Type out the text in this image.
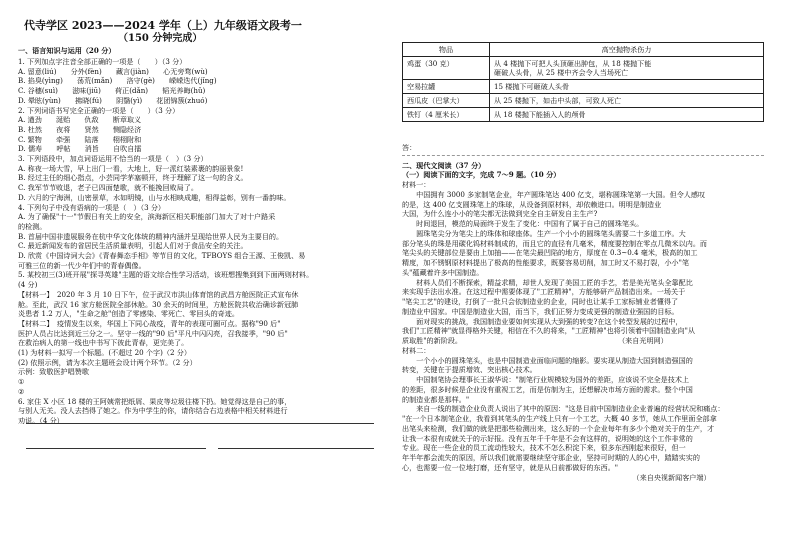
代寺学区 2023——2024 学年（上）九年级语文段考一
（150 分钟完成）
一、语言知识与运用（20 分）
1. 下列加点字注音全部正确的一项是（　　）（3 分）
A. 留意(liú)　　分外(fèn)　　藏言(jiàn)　　心无旁骛(wù)
B. 掐臭(yìng)　　荡荒(mǎn)　　洛守(gè)　　嵘嵘迭代(jǐng)
C. 谷穗(suì)　　滋味(jiū)　　荷正(dǎn)　　韬光养晦(hǔ)
D. 晕眩(yùn)　　拂晓(fú)　　阴翳(yì)　　花团锦簇(zhuó)
2. 下列词语书写完全正确的一项是（　　）（3 分）
A. 遒劲　　涎贻　　仇敌　　断章取义
B. 杜然　　夜将　　贤然　　恻隐经济
C. 繁物　　牵强　　陆落　　栩栩附和
D. 儒寿　　呼帖　　消旨　　自吹自擂
3. 下列语段中，加点词语运用不恰当的一项是（　）（3 分）
A. 称夜一场大雪，早上出门一看，大地上，好一派红装素裹的韵丽景象!
B. 经过主任的细心指点，小芸同学茅塞顿开，终于理解了这一句的含义。
C. 我军节节败退，老子已四面楚歌，就不能挽回败局了。
D. 六月的宁海洲，山密景草，水如明镜，山与水相映成趣，相得益彰，别有一番韵味。
4. 下列句子中没有语病的一项是（　）（3 分）
A. 为了确保"十一"节假日有关上的安全，滨海新区相关职能部门加大了对十户路采
的检测。
B. 首届中国非遗展服务在杭中华文化体统的精神内涵并呈现给世界人民为主要目的。
C. 最近新闻发布的省居民生活质量表明，引起人们对于食品安全的关注。
D. 欣赏《中国诗词大会》《青春舞态手相》等节目的文化，TFBOYS 组合王源、王俊凯、易
可雅三位的新一代少年们中的青春偶像。
5. 某校初三(3)班开展"探寻英雄"主题的语文综合性学习活动，该班想搜集到到下面两则材料。
(4 分)
【材料一】　2020 年 3 月 10 日下午，位于武汉市洪山体育馆的武昌方舱医院正式宣布休
舱。至此，武汉 16 家方舱医院全部休舱。30 余天的时间里，方舱医院共收治确诊新冠肺
炎患者 1.2 万人，"生命之舱"创造了零感染、零死亡、零回头的奇迹。
【材料二】　疫情发生以来，华国上下同心战疫，青年的表现可圈可点。据称"90 后"
医护人员占比达到近三分之一。坚守一线的"90 后"平凡中闪闪亮，召我接季，"90 后"
在救治病人的第一线也中书写下彼此青春，更完美了。
(1) 为材料一拟写一个标题。(不超过 20 个字)（2 分）
(2) 依照示例，请为本次主题班会设计两个环节。（2 分）
示例：致敬医护唱赞歌
①
②
6. 家住 X 小区 18 楼的王阿姨常把纸屑、果皮等垃圾往楼下扔。她觉得这是自己的事，
与别人无关。没人去挡得了她之。作为中学生的你，请你结合右边表格中相关材料进行
劝说。（4 分）
物品	高空抛物杀伤力
鸡蛋（30 克）	从 4 楼抛下可把人头顶砸出肿包，从 18 楼抛下能
砸破人头骨，从 25 楼中齐会令人当场死亡
空易拉罐	15 楼抛下可砸破人头骨
西瓜皮（巴掌大）	从 25 楼抛下，如击中头部，可致人死亡
铁钉（4 厘米长）	从 18 楼抛下能插入人的颅骨
答：
二、现代文阅读（37 分）
（一）阅读下面的文字，完成 7～9 题。（10 分）
材料一：
　　中国拥有 3000 多家制笔企业，年产圆珠笔达 400 亿支，堪称圆珠笔第一大国。但令人感叹
的是，这 400 亿支圆珠笔上的珠球，从设备到原材料，却依赖进口。明明是制造业
大国，为什么连小小的笔尖都无法做到完全自主研发自主生产?
　　时间退回，模范的局面终于发生了变化：中国有了属于自己的圆珠笔头。
　　圆珠笔尖分为笔尖上的珠体和球座体。生产一个小小的圆珠笔头需要二十多道工序。大
部分笔头的珠是用碳化钨材料制成的，而且它的直径有几毫米，精度要控制在零点几微米以内。而
笔尖头的关键部位是要由上加抽——在笔尖最凹陷的地方，厚度在 0.3~0.4 毫米，极高的加工
精度，加不锈钢原材料提出了极高的性能要求，既要容易切削，加工时又不易打裂，小小"笔
头"蕴藏着许多中国制造。
　　材料人员们不断探索，精益求精，却世人发现了美国工匠的手艺，若是美光笔头全靠配比
来实现手法出水准。在这过程中需要体现了"工匠精神"，方能够研产品制造出来。一场关于
"笔尖工艺"的建设，打倒了一批只会依制造业的企业，同时也让某手工家标铺业者懂得了
制造业中国家。中国是制造业大国，而当下，我们正努力变成更强的制造业强国的目标。
　　面对现实的挑战，我国制造业要如何实现从大到强的转变?在这个转型发展的过程中，
我们"工匠精神"就显得格外关键，相信在不久的将来，"工匠精神"也将引领着中国制造业向"从
质取胜"的新阶段。　　　　　　　　　　　　　　　　　　　　　　　（来自光明网）
材料二：
　　一个小小的圆珠笔头，也是中国制造业面临问题的缩影。要实现从制造大国到制造强国的
转变，关键在于提质增效、突出核心技术。
　　中国制笔协会理事长王淑华说："制笔行业规模较为国外的差距，应该说不完全是技术上
的差距，很多时候是企业没有重视工艺，而是仿制为主，还想解决市场方面的需求。整个中国
的制造业都是那样。"
　　来自一线的制造企业负责人说出了其中的原因："这是目前中国制造业企业普遍的经营状况和痛点：
"在一个日本制笔企业，我看到其笔头的生产线上只有一个工艺，大概 40 多节，她从工作里面全部拿
出笔头来检测，我们做的就是把那些检测出来，这么好的一个企业每年有多少个绝对关于的生产，才
让我一本很有成就关于的示好报。没有五年千千年是不会有这样的，说明她的这个工作非常的
专业。现在一些企业的员工流动性较大，技术不怎么积淀下来，很多东西刚起来很好，但一
年半年都会流失的原因，所以我们就需要继续坚守那企业，坚持可时期的人的心中，踏踏实实的
心，也需要一位一位地打磨，还有坚守，就是从日前都做好的东西。"
　　　　　　　　　　　　　　　　　　　　　　　　　　　　　　　　　（来自央视新闻客户端）
